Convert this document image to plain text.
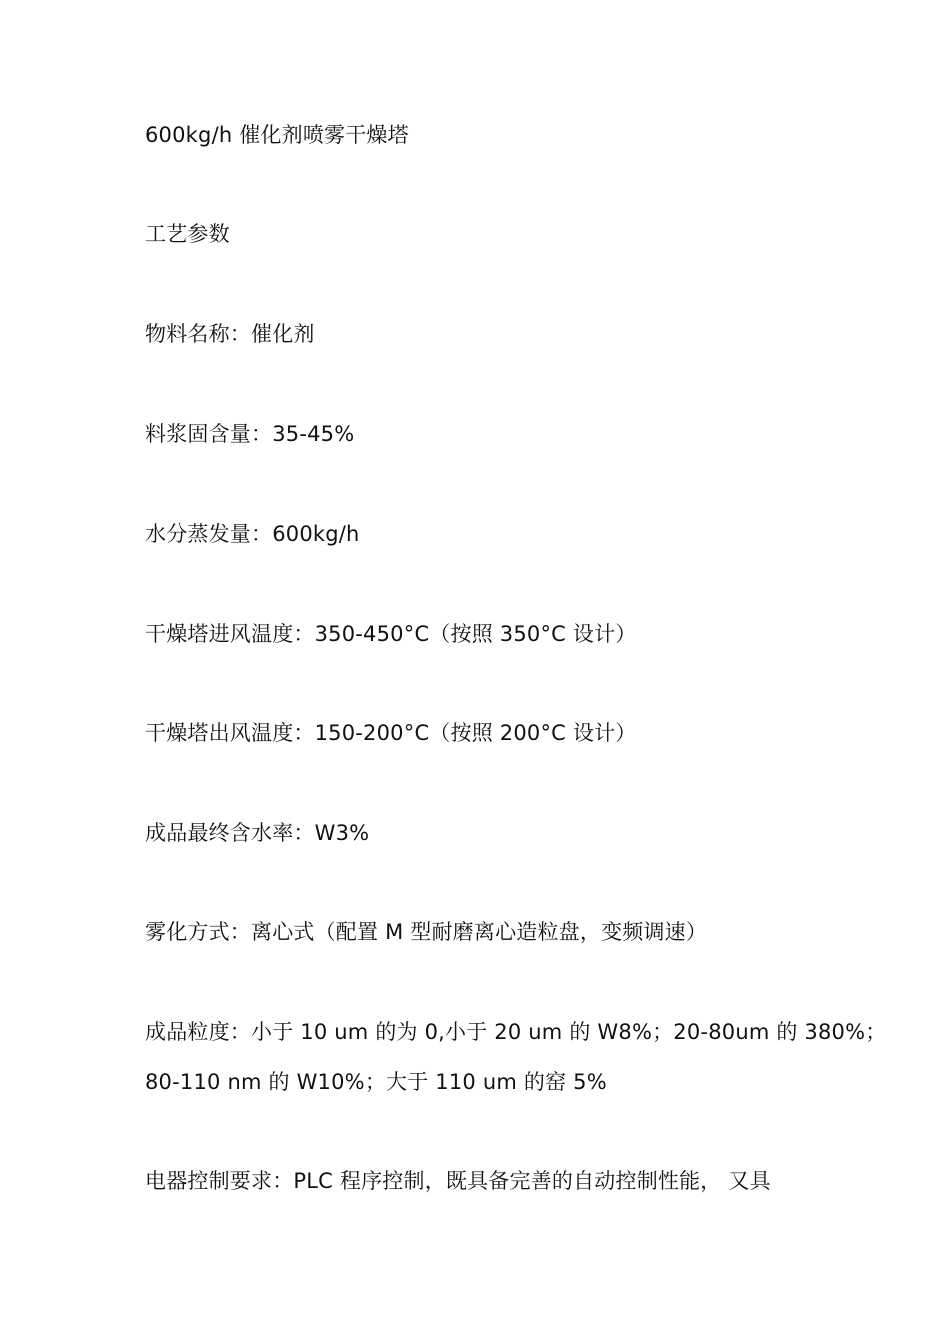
600kg/h 催化剂喷雾干燥塔
工艺参数
物料名称：催化剂
料浆固含量：35-45%
水分蒸发量：600kg/h
干燥塔进风温度：350-450°C（按照 350°C 设计）
干燥塔出风温度：150-200°C（按照 200°C 设计）
成品最终含水率：W3%
雾化方式：离心式（配置 M 型耐磨离心造粒盘，变频调速）
成品粒度：小于 10 um 的为 0,小于 20 um 的 W8%；20-80um 的 380%；
80-110 nm 的 W10%；大于 110 um 的窑 5%
电器控制要求：PLC 程序控制，既具备完善的自动控制性能， 又具
